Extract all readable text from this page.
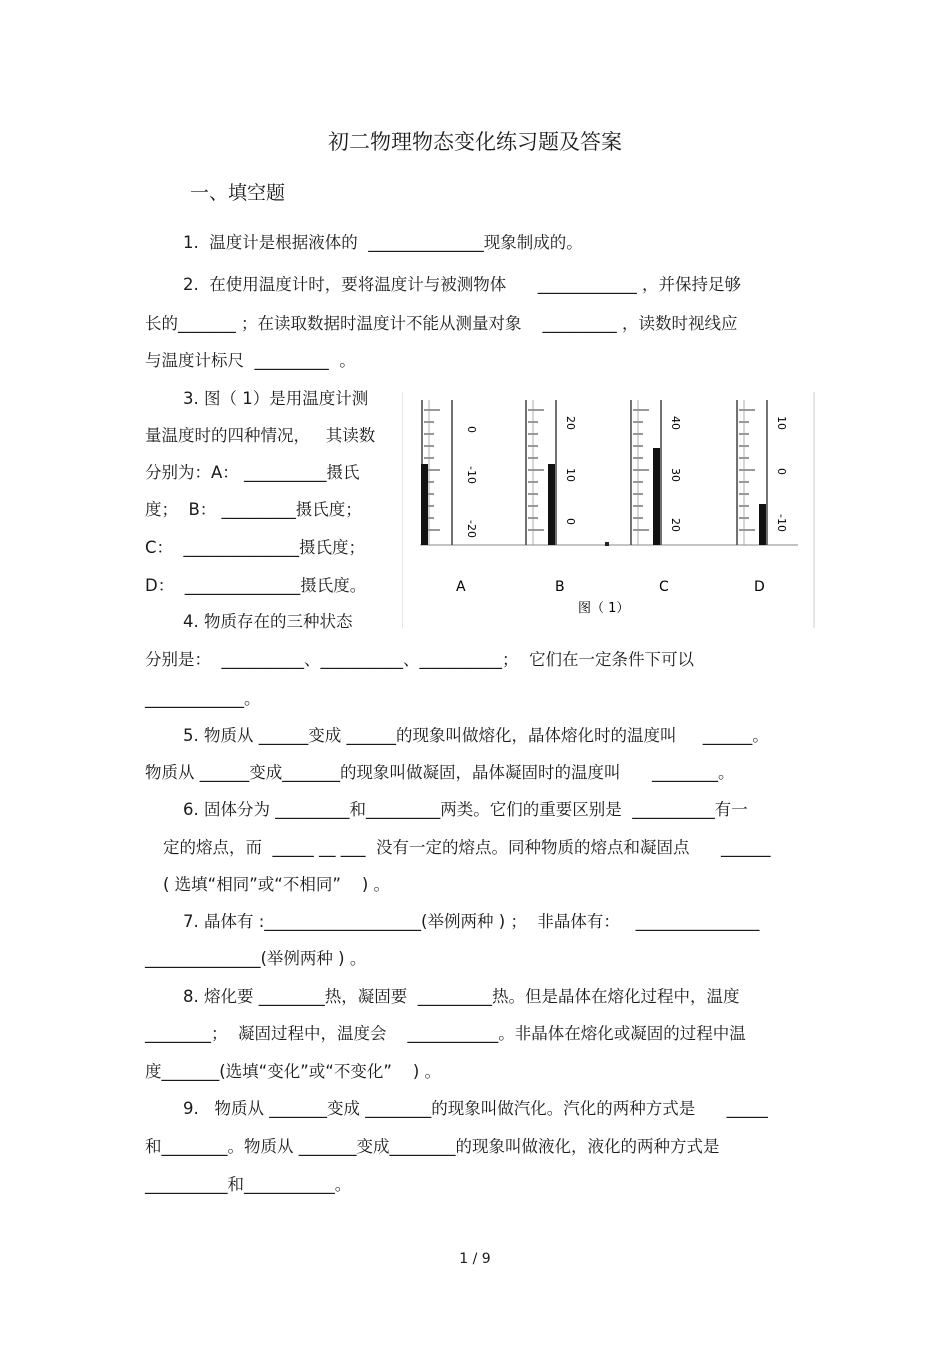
初二物理物态变化练习题及答案
一、填空题
1.  温度计是根据液体的  ______________现象制成的。
2.  在使用温度计时，要将温度计与被测物体      ____________ ，并保持足够
长的_______ ；在读取数据时温度计不能从测量对象    _________ ，读数时视线应
与温度计标尺  _________  。
3. 图（ 1）是用温度计测
量温度时的四种情况，   其读数
分别为：A： __________摄氏
度；  B： _________摄氏度；
C：  ______________摄氏度；
D：  ______________摄氏度。
4. 物质存在的三种状态
分别是：  __________、__________、__________；  它们在一定条件下可以
____________。
5. 物质从 ______变成 ______的现象叫做熔化，晶体熔化时的温度叫     ______。
物质从 ______变成_______的现象叫做凝固，晶体凝固时的温度叫      ________。
6. 固体分为 _________和_________两类。它们的重要区别是  __________有一
定的熔点，而  _____ __ ___  没有一定的熔点。同种物质的熔点和凝固点      ______
( 选填“相同”或“不相同”    ) 。
7. 晶体有 :___________________(举例两种 ) ；  非晶体有：   _______________
______________(举例两种 ) 。
8. 熔化要 ________热，凝固要  _________热。但是晶体在熔化过程中，温度
________；  凝固过程中，温度会    ___________。非晶体在熔化或凝固的过程中温
度_______(选填“变化”或“不变化”    ) 。
9.   物质从 _______变成 ________的现象叫做汽化。汽化的两种方式是      _____
和________。物质从 _______变成________的现象叫做液化，液化的两种方式是
__________和___________。
0
-10
-20
20
10
0
40
30
20
10
0
-10
A	B	C	D
图（ 1）
1 / 9
